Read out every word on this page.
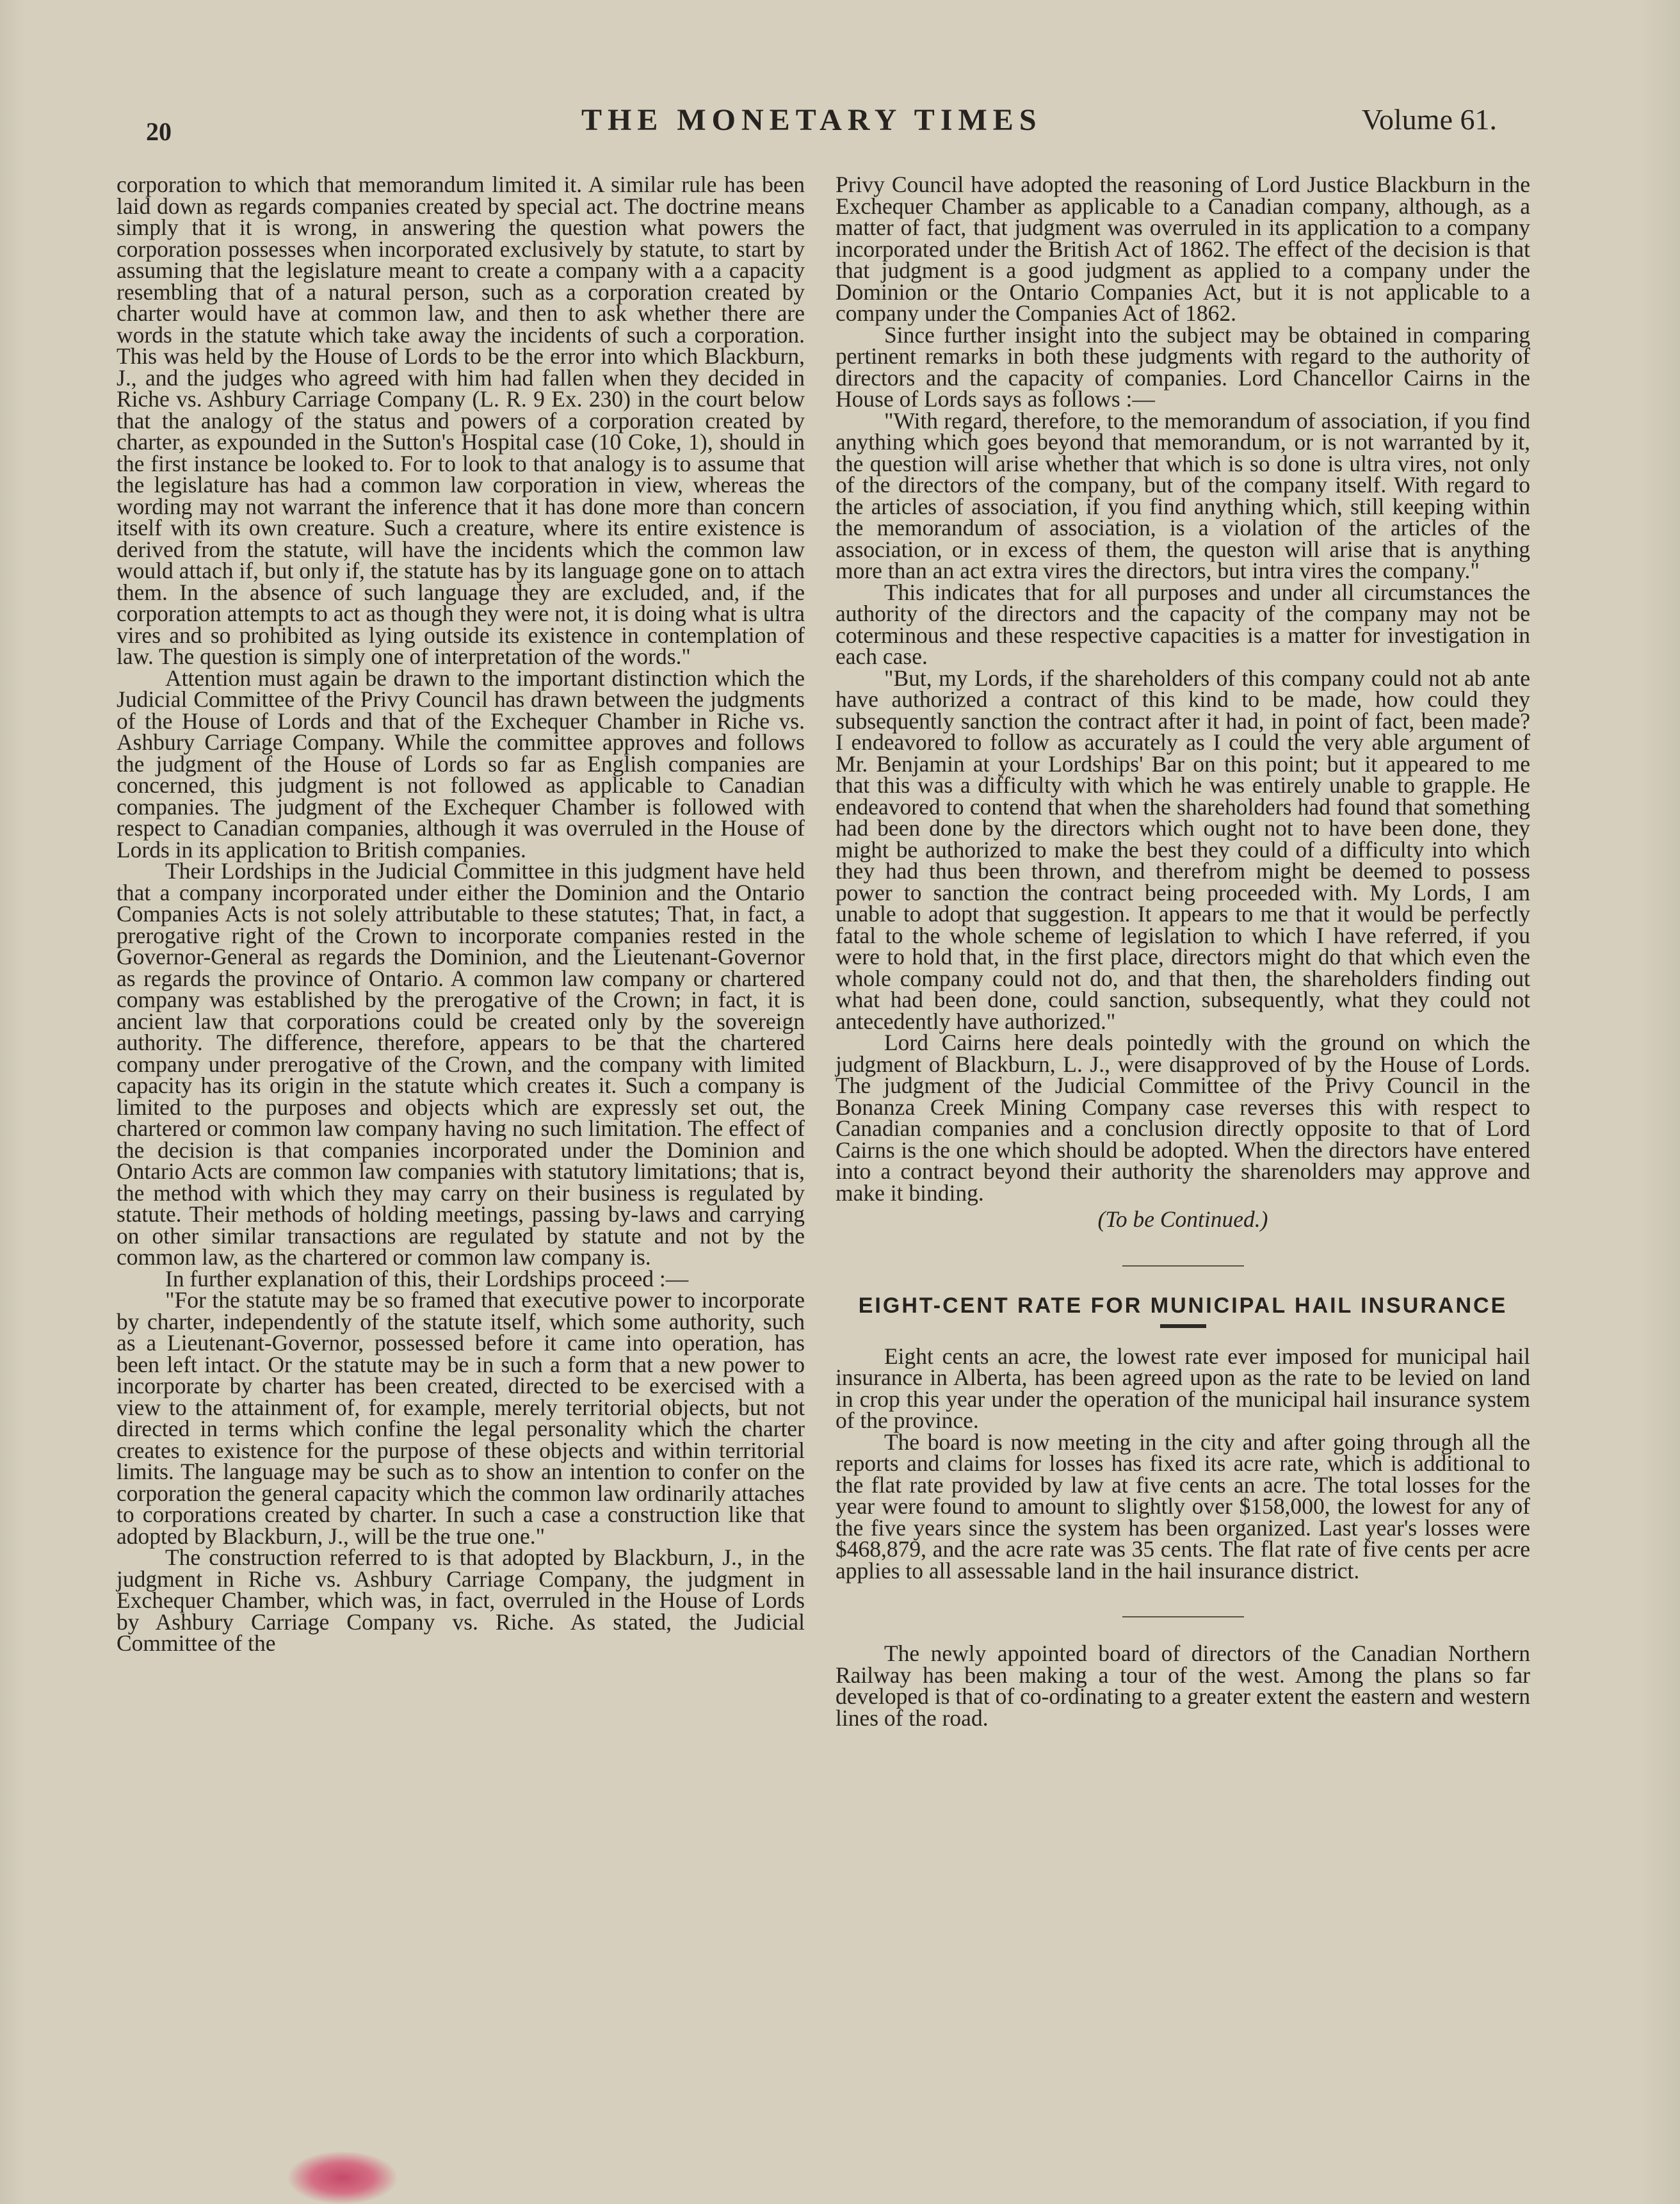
20	THE MONETARY TIMES	Volume 61.

corporation to which that memorandum limited it. A similar rule has been laid down as regards companies created by special act. The doctrine means simply that it is wrong, in answering the question what powers the corporation possesses when incorporated exclusively by statute, to start by assuming that the legislature meant to create a company with a a capacity resembling that of a natural person, such as a corporation created by charter would have at common law, and then to ask whether there are words in the statute which take away the incidents of such a corporation. This was held by the House of Lords to be the error into which Blackburn, J., and the judges who agreed with him had fallen when they decided in Riche vs. Ashbury Carriage Company (L. R. 9 Ex. 230) in the court below that the analogy of the status and powers of a corporation created by charter, as expounded in the Sutton's Hospital case (10 Coke, 1), should in the first instance be looked to. For to look to that analogy is to assume that the legislature has had a common law corporation in view, whereas the wording may not warrant the inference that it has done more than concern itself with its own creature. Such a creature, where its entire existence is derived from the statute, will have the incidents which the common law would attach if, but only if, the statute has by its language gone on to attach them. In the absence of such language they are excluded, and, if the corporation attempts to act as though they were not, it is doing what is ultra vires and so prohibited as lying outside its existence in contemplation of law. The question is simply one of interpretation of the words."

Attention must again be drawn to the important distinction which the Judicial Committee of the Privy Council has drawn between the judgments of the House of Lords and that of the Exchequer Chamber in Riche vs. Ashbury Carriage Company. While the committee approves and follows the judgment of the House of Lords so far as English companies are concerned, this judgment is not followed as applicable to Canadian companies. The judgment of the Exchequer Chamber is followed with respect to Canadian companies, although it was overruled in the House of Lords in its application to British companies.

Their Lordships in the Judicial Committee in this judgment have held that a company incorporated under either the Dominion and the Ontario Companies Acts is not solely attributable to these statutes; That, in fact, a prerogative right of the Crown to incorporate companies rested in the Governor-General as regards the Dominion, and the Lieutenant-Governor as regards the province of Ontario. A common law company or chartered company was established by the prerogative of the Crown; in fact, it is ancient law that corporations could be created only by the sovereign authority. The difference, therefore, appears to be that the chartered company under prerogative of the Crown, and the company with limited capacity has its origin in the statute which creates it. Such a company is limited to the purposes and objects which are expressly set out, the chartered or common law company having no such limitation. The effect of the decision is that companies incorporated under the Dominion and Ontario Acts are common law companies with statutory limitations; that is, the method with which they may carry on their business is regulated by statute. Their methods of holding meetings, passing by-laws and carrying on other similar transactions are regulated by statute and not by the common law, as the chartered or common law company is.

In further explanation of this, their Lordships proceed :—

"For the statute may be so framed that executive power to incorporate by charter, independently of the statute itself, which some authority, such as a Lieutenant-Governor, possessed before it came into operation, has been left intact. Or the statute may be in such a form that a new power to incorporate by charter has been created, directed to be exercised with a view to the attainment of, for example, merely territorial objects, but not directed in terms which confine the legal personality which the charter creates to existence for the purpose of these objects and within territorial limits. The language may be such as to show an intention to confer on the corporation the general capacity which the common law ordinarily attaches to corporations created by charter. In such a case a construction like that adopted by Blackburn, J., will be the true one."

The construction referred to is that adopted by Blackburn, J., in the judgment in Riche vs. Ashbury Carriage Company, the judgment in Exchequer Chamber, which was, in fact, overruled in the House of Lords by Ashbury Carriage Company vs. Riche. As stated, the Judicial Committee of the

Privy Council have adopted the reasoning of Lord Justice Blackburn in the Exchequer Chamber as applicable to a Canadian company, although, as a matter of fact, that judgment was overruled in its application to a company incorporated under the British Act of 1862. The effect of the decision is that that judgment is a good judgment as applied to a company under the Dominion or the Ontario Companies Act, but it is not applicable to a company under the Companies Act of 1862.

Since further insight into the subject may be obtained in comparing pertinent remarks in both these judgments with regard to the authority of directors and the capacity of companies. Lord Chancellor Cairns in the House of Lords says as follows :—

"With regard, therefore, to the memorandum of association, if you find anything which goes beyond that memorandum, or is not warranted by it, the question will arise whether that which is so done is ultra vires, not only of the directors of the company, but of the company itself. With regard to the articles of association, if you find anything which, still keeping within the memorandum of association, is a violation of the articles of the association, or in excess of them, the queston will arise that is anything more than an act extra vires the directors, but intra vires the company."

This indicates that for all purposes and under all circumstances the authority of the directors and the capacity of the company may not be coterminous and these respective capacities is a matter for investigation in each case.

"But, my Lords, if the shareholders of this company could not ab ante have authorized a contract of this kind to be made, how could they subsequently sanction the contract after it had, in point of fact, been made? I endeavored to follow as accurately as I could the very able argument of Mr. Benjamin at your Lordships' Bar on this point; but it appeared to me that this was a difficulty with which he was entirely unable to grapple. He endeavored to contend that when the shareholders had found that something had been done by the directors which ought not to have been done, they might be authorized to make the best they could of a difficulty into which they had thus been thrown, and therefrom might be deemed to possess power to sanction the contract being proceeded with. My Lords, I am unable to adopt that suggestion. It appears to me that it would be perfectly fatal to the whole scheme of legislation to which I have referred, if you were to hold that, in the first place, directors might do that which even the whole company could not do, and that then, the shareholders finding out what had been done, could sanction, subsequently, what they could not antecedently have authorized."

Lord Cairns here deals pointedly with the ground on which the judgment of Blackburn, L. J., were disapproved of by the House of Lords. The judgment of the Judicial Committee of the Privy Council in the Bonanza Creek Mining Company case reverses this with respect to Canadian companies and a conclusion directly opposite to that of Lord Cairns is the one which should be adopted. When the directors have entered into a contract beyond their authority the sharenolders may approve and make it binding.

(To be Continued.)

EIGHT-CENT RATE FOR MUNICIPAL HAIL INSURANCE

Eight cents an acre, the lowest rate ever imposed for municipal hail insurance in Alberta, has been agreed upon as the rate to be levied on land in crop this year under the operation of the municipal hail insurance system of the province.

The board is now meeting in the city and after going through all the reports and claims for losses has fixed its acre rate, which is additional to the flat rate provided by law at five cents an acre. The total losses for the year were found to amount to slightly over $158,000, the lowest for any of the five years since the system has been organized. Last year's losses were $468,879, and the acre rate was 35 cents. The flat rate of five cents per acre applies to all assessable land in the hail insurance district.

The newly appointed board of directors of the Canadian Northern Railway has been making a tour of the west. Among the plans so far developed is that of co-ordinating to a greater extent the eastern and western lines of the road.
